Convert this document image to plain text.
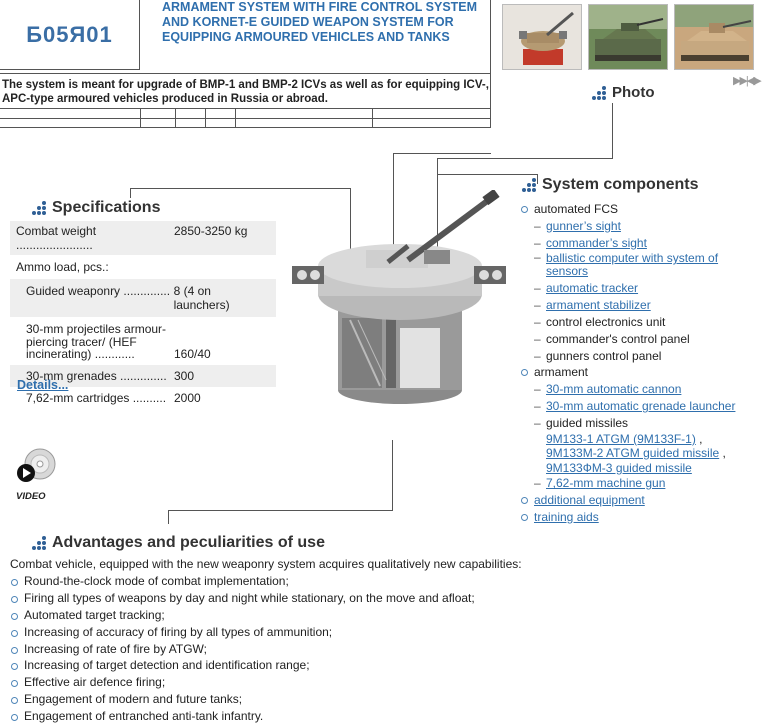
Б05Я01
ARMAMENT SYSTEM WITH FIRE CONTROL SYSTEM AND KORNET-E GUIDED WEAPON SYSTEM FOR EQUIPPING ARMOURED VEHICLES AND TANKS
The system is meant for upgrade of BMP-1 and BMP-2 ICVs as well as for equipping ICV-, APC-type armoured vehicles produced in Russia or abroad.
▶▶|◀▶
Photo
Specifications
Combat weight .......................
2850-3250 kg
Ammo load, pcs.:
Guided weaponry .............. 8 (4 on launchers)
30-mm projectiles armour-piercing tracer/ (HEF incinerating) ............	160/40
30-mm grenades .............. 300
7,62-mm cartridges .......... 2000
Details...
VIDEO
System components
automated FCS
– gunner’s sight
– commander’s sight
– ballistic computer with system of sensors
– automatic tracker
– armament stabilizer
– control electronics unit
– commander's control panel
– gunners control panel
armament
– 30-mm automatic cannon
– 30-mm automatic grenade launcher
– guided missiles
9M133-1 ATGM (9M133F-1) ,
9M133M-2 ATGM guided missile ,
9M133ФM-3 guided missile
– 7,62-mm machine gun
additional equipment
training aids
Advantages and peculiarities of use
Combat vehicle, equipped with the new weaponry system acquires qualitatively new capabilities:
Round-the-clock mode of combat implementation;
Firing all types of weapons by day and night while stationary, on the move and afloat;
Automated target tracking;
Increasing of accuracy of firing by all types of ammunition;
Increasing of rate of fire by ATGW;
Increasing of target detection and identification range;
Effective air defence firing;
Engagement of modern and future tanks;
Engagement of entranched anti-tank infantry.
